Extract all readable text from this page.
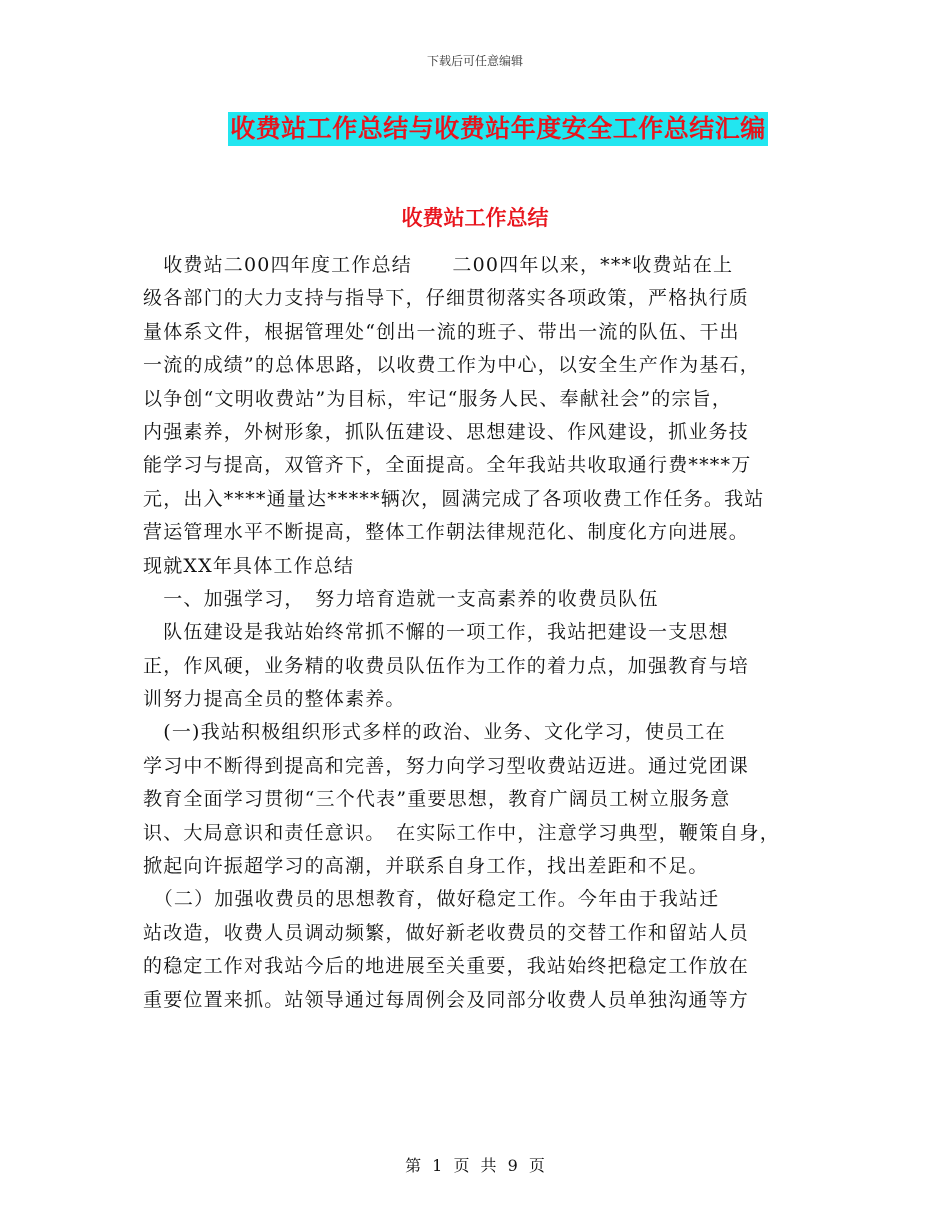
下载后可任意编辑
收费站工作总结与收费站年度安全工作总结汇编
收费站工作总结
　收费站二00四年度工作总结　　二00四年以来，***收费站在上
级各部门的大力支持与指导下，仔细贯彻落实各项政策，严格执行质
量体系文件，根据管理处“创出一流的班子、带出一流的队伍、干出
一流的成绩”的总体思路，以收费工作为中心，以安全生产作为基石，
以争创“文明收费站”为目标，牢记“服务人民、奉献社会”的宗旨，
内强素养，外树形象，抓队伍建设、思想建设、作风建设，抓业务技
能学习与提高，双管齐下，全面提高。全年我站共收取通行费****万
元，出入****通量达*****辆次，圆满完成了各项收费工作任务。我站
营运管理水平不断提高，整体工作朝法律规范化、制度化方向进展。
现就XX年具体工作总结
　一、加强学习，　努力培育造就一支高素养的收费员队伍
　队伍建设是我站始终常抓不懈的一项工作，我站把建设一支思想
正，作风硬，业务精的收费员队伍作为工作的着力点，加强教育与培
训努力提高全员的整体素养。
　(一)我站积极组织形式多样的政治、业务、文化学习，使员工在
学习中不断得到提高和完善，努力向学习型收费站迈进。通过党团课
教育全面学习贯彻“三个代表”重要思想，教育广阔员工树立服务意
识、大局意识和责任意识。　在实际工作中，注意学习典型，鞭策自身，
掀起向许振超学习的高潮，并联系自身工作，找出差距和不足。
　（二）加强收费员的思想教育，做好稳定工作。今年由于我站迁
站改造，收费人员调动频繁，做好新老收费员的交替工作和留站人员
的稳定工作对我站今后的地进展至关重要，我站始终把稳定工作放在
重要位置来抓。站领导通过每周例会及同部分收费人员单独沟通等方
第 1 页 共 9 页
